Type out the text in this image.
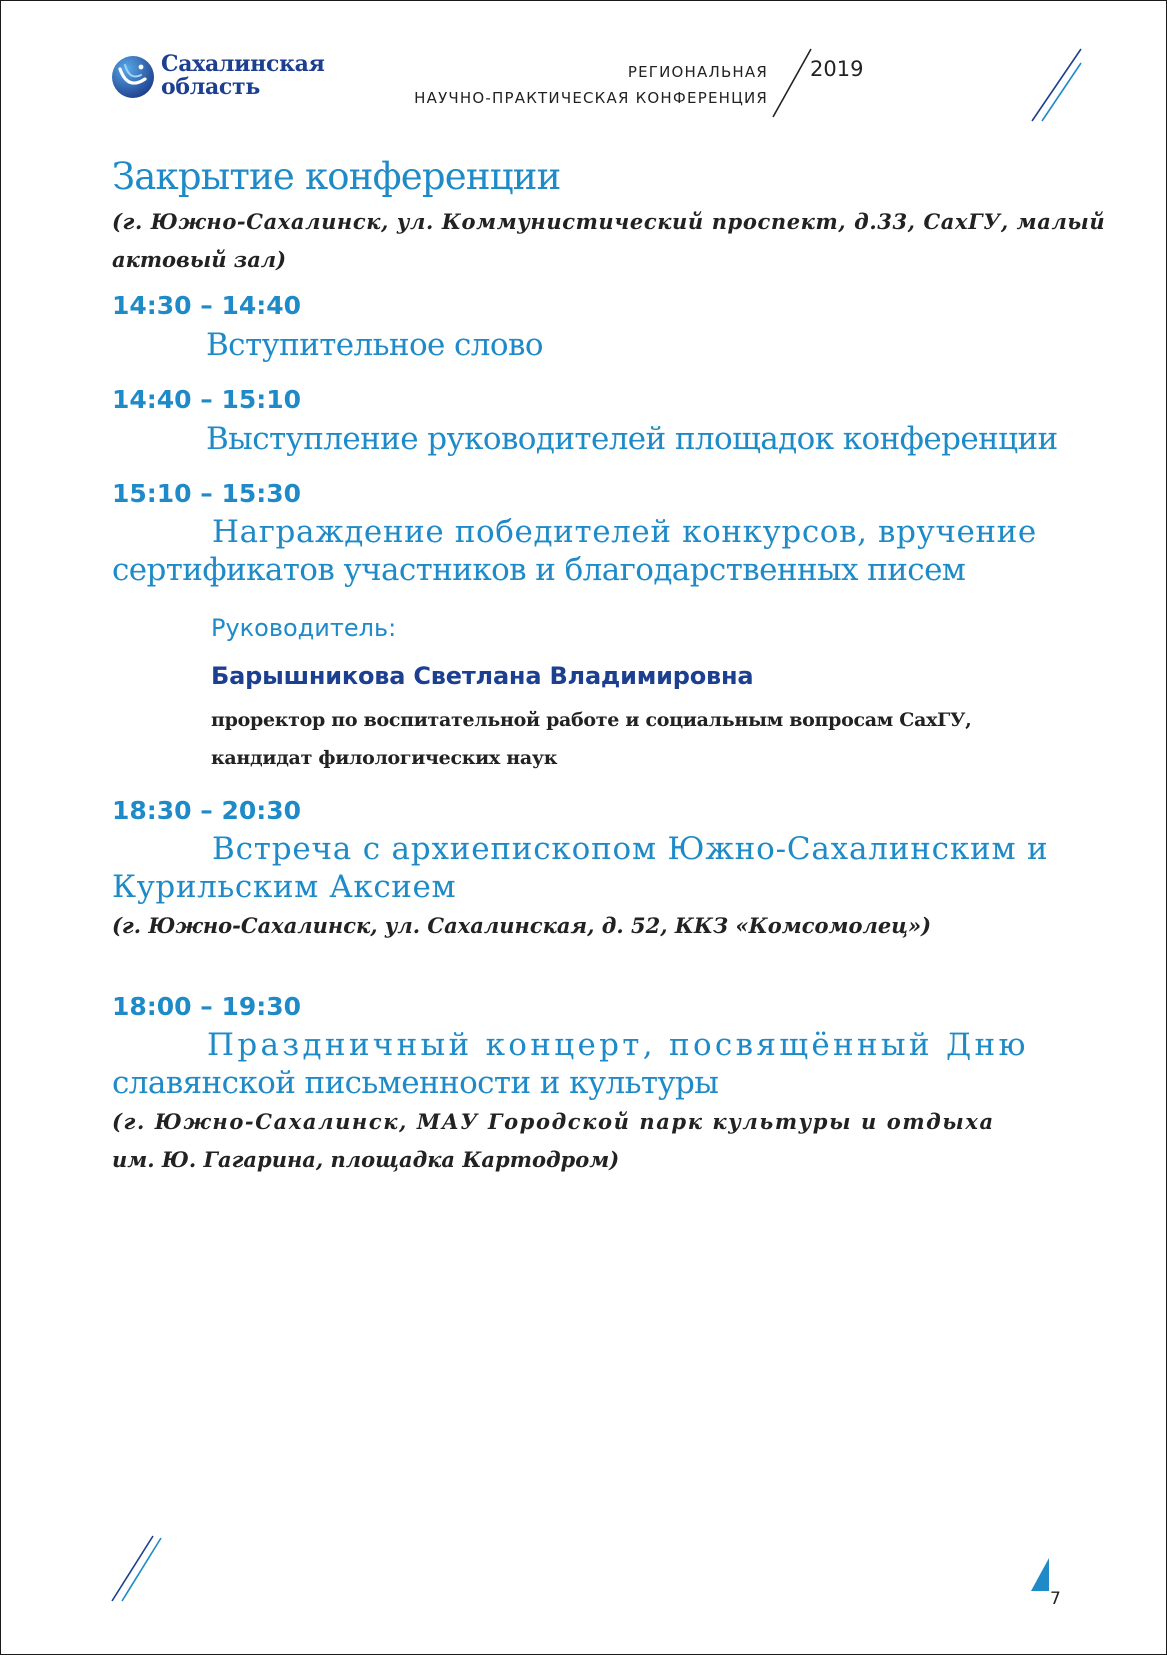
Сахалинская
область
РЕГИОНАЛЬНАЯ
НАУЧНО-ПРАКТИЧЕСКАЯ КОНФЕРЕНЦИЯ
2019
Закрытие конференции
(г. Южно-Сахалинск, ул. Коммунистический проспект, д.33, СахГУ, малый
актовый зал)
14:30 – 14:40
Вступительное слово
14:40 – 15:10
Выступление руководителей площадок конференции
15:10 – 15:30
Награждение победителей конкурсов, вручение
сертификатов участников и благодарственных писем
Руководитель:
Барышникова Светлана Владимировна
проректор по воспитательной работе и социальным вопросам СахГУ,
кандидат филологических наук
18:30 – 20:30
Встреча с архиепископом Южно-Сахалинским и
Курильским Аксием
(г. Южно-Сахалинск, ул. Сахалинская, д. 52, ККЗ «Комсомолец»)
18:00 – 19:30
Праздничный концерт, посвящённый Дню
славянской письменности и культуры
(г. Южно-Сахалинск, МАУ Городской парк культуры и отдыха
им. Ю. Гагарина, площадка Картодром)
7
